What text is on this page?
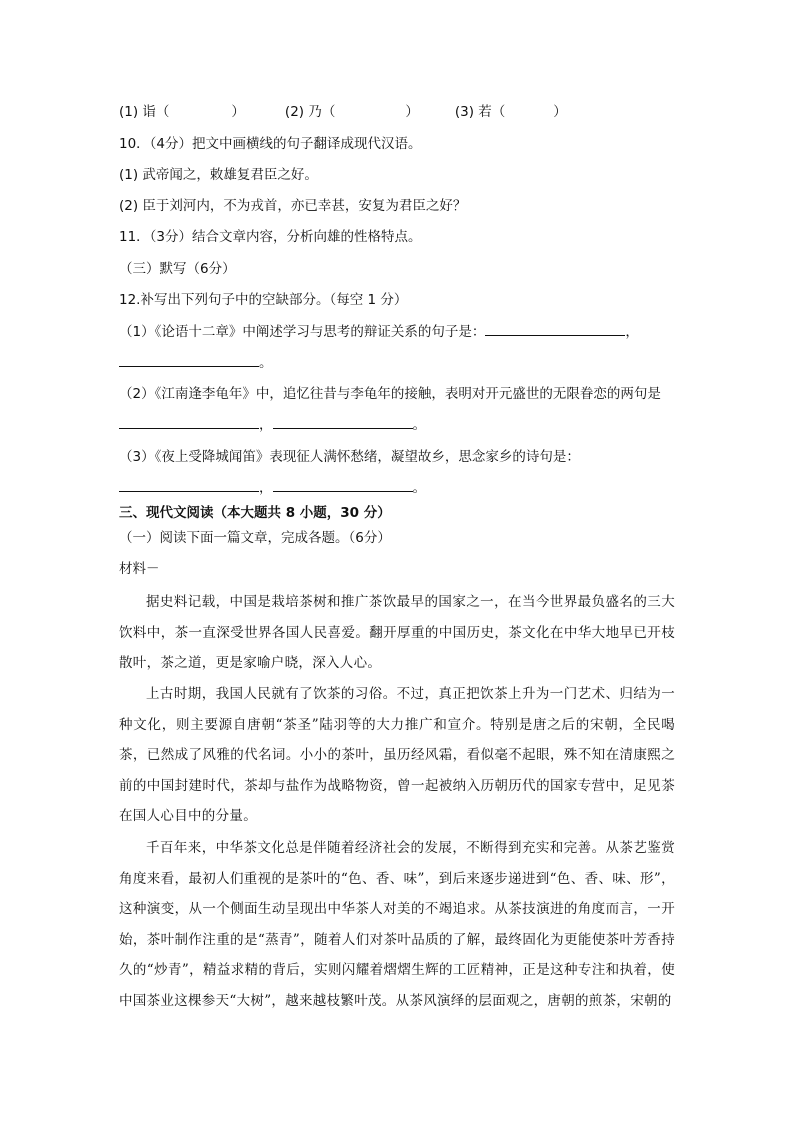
(1) 诣（	）	(2) 乃（	）	(3) 若（	）
10．（4分）把文中画横线的句子翻译成现代汉语。
(1) 武帝闻之，敕雄复君臣之好。
(2) 臣于刘河内，不为戎首，亦已幸甚，安复为君臣之好？
11．（3分）结合文章内容，分析向雄的性格特点。
（三）默写（6分）
12.补写出下列句子中的空缺部分。（每空 1 分）
（1）《论语十二章》中阐述学习与思考的辩证关系的句子是：	，
。
（2）《江南逢李龟年》中，追忆往昔与李龟年的接触，表明对开元盛世的无限眷恋的两句是
，	。
（3）《夜上受降城闻笛》表现征人满怀愁绪，凝望故乡，思念家乡的诗句是：
，	。
三、现代文阅读（本大题共 8 小题，30 分）
（一）阅读下面一篇文章，完成各题。（6分）
材料－
据史料记载，中国是栽培茶树和推广茶饮最早的国家之一，在当今世界最负盛名的三大饮料中，茶一直深受世界各国人民喜爱。翻开厚重的中国历史，茶文化在中华大地早已开枝散叶，茶之道，更是家喻户晓，深入人心。
上古时期，我国人民就有了饮茶的习俗。不过，真正把饮茶上升为一门艺术、归结为一种文化，则主要源自唐朝“茶圣”陆羽等的大力推广和宣介。特别是唐之后的宋朝，全民喝茶，已然成了风雅的代名词。小小的茶叶，虽历经风霜，看似毫不起眼，殊不知在清康熙之前的中国封建时代，茶却与盐作为战略物资，曾一起被纳入历朝历代的国家专营中，足见茶在国人心目中的分量。
千百年来，中华茶文化总是伴随着经济社会的发展，不断得到充实和完善。从茶艺鉴赏角度来看，最初人们重视的是茶叶的“色、香、味”，到后来逐步递进到“色、香、味、形”，这种演变，从一个侧面生动呈现出中华茶人对美的不竭追求。从茶技演进的角度而言，一开始，茶叶制作注重的是“蒸青”，随着人们对茶叶品质的了解，最终固化为更能使茶叶芳香持久的“炒青”，精益求精的背后，实则闪耀着熠熠生辉的工匠精神，正是这种专注和执着，使中国茶业这棵参天“大树”，越来越枝繁叶茂。从茶风演绎的层面观之，唐朝的煎茶，宋朝的
